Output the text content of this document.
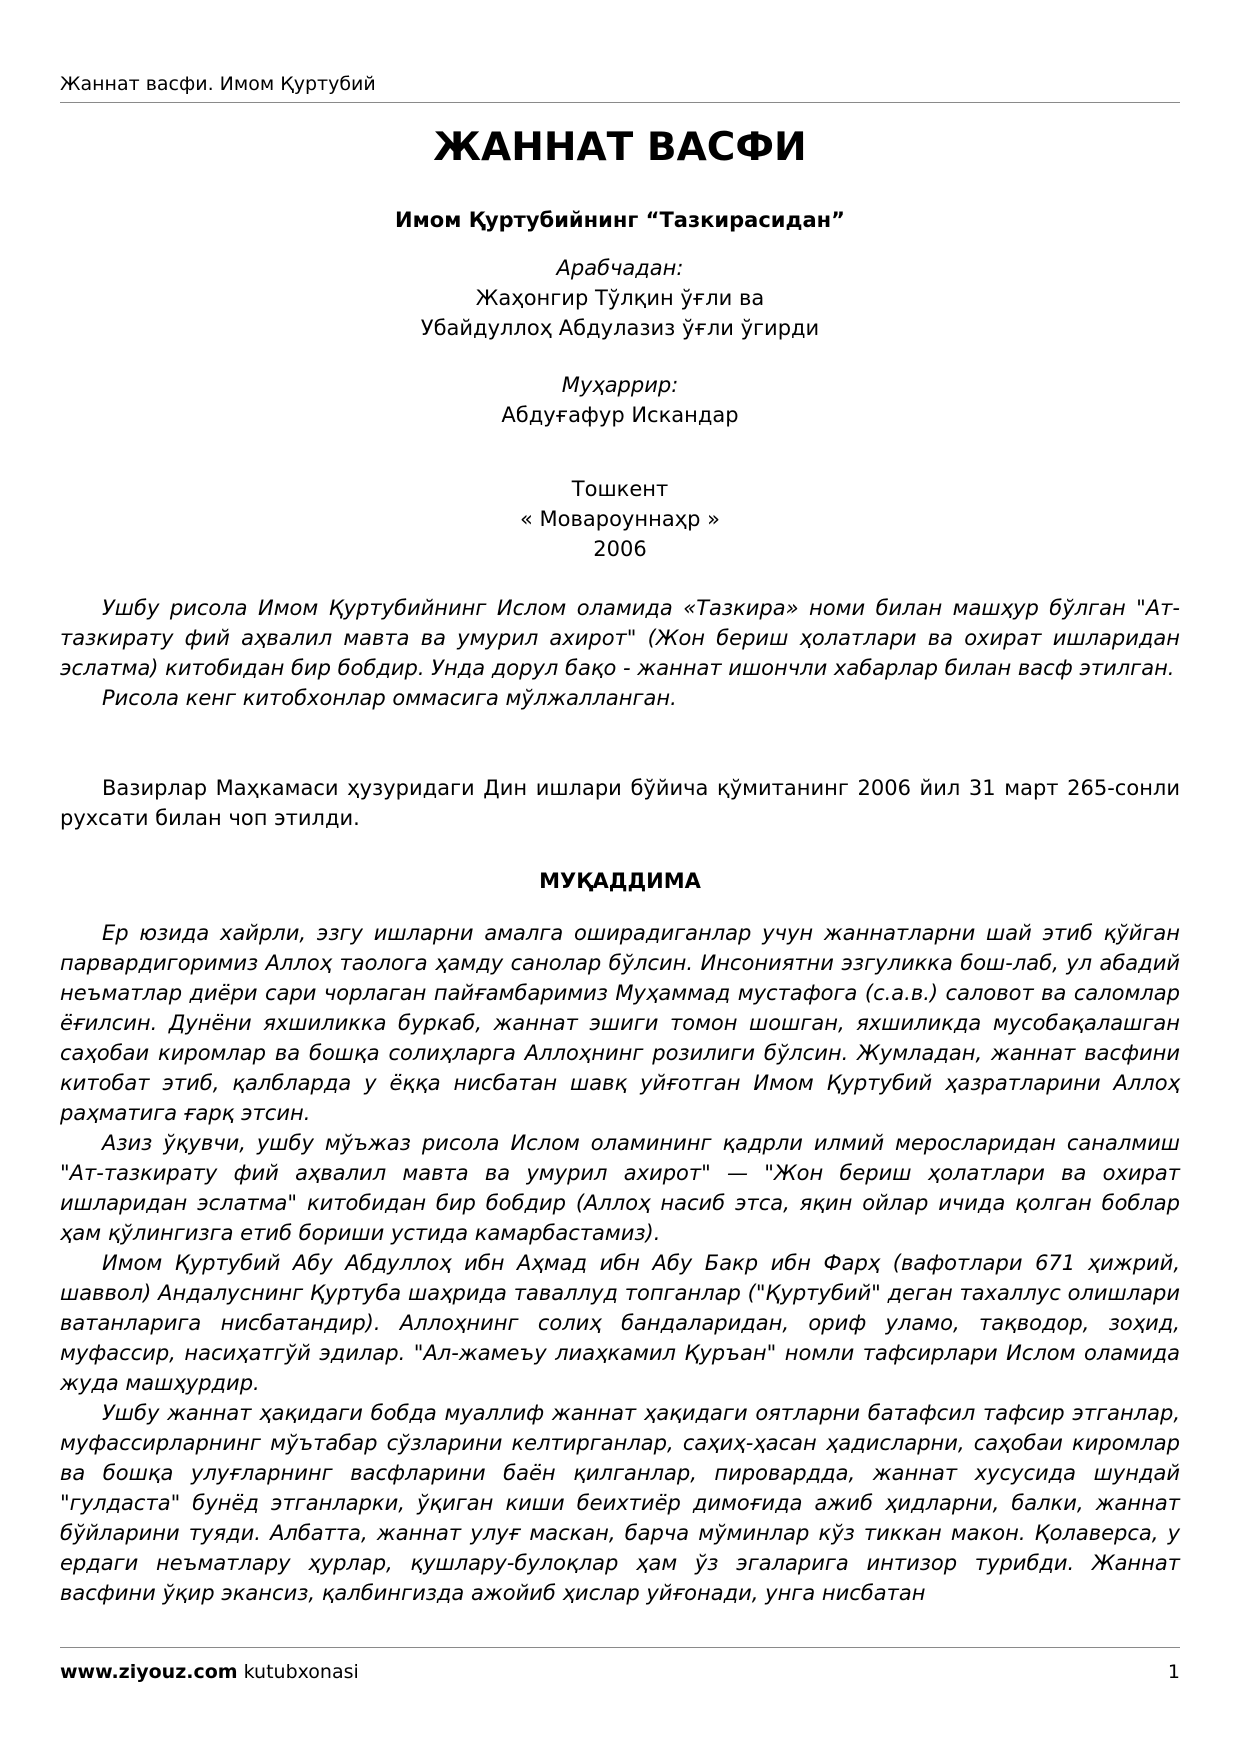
Жаннат васфи. Имом Қуртубий
ЖАННАТ ВАСФИ
Имом Қуртубийнинг “Тазкирасидан”
Арабчадан:
Жаҳонгир Тўлқин ўғли ва
Убайдуллоҳ Абдулазиз ўғли ўгирди
Муҳаррир:
Абдуғафур Искандар
Тошкент
« Мовароуннаҳр »
2006

Ушбу рисола Имом Қуртубийнинг Ислом оламида «Тазкира» номи билан машҳур бўлган "Ат-тазкирату фий аҳвалил мавта ва умурил ахирот" (Жон бериш ҳолатлари ва охират ишларидан эслатма) китобидан бир бобдир. Унда дорул бақо - жаннат ишончли хабарлар билан васф этилган.

Рисола кенг китобхонлар оммасига мўлжалланган.

Вазирлар Маҳкамаси ҳузуридаги Дин ишлари бўйича қўмитанинг 2006 йил 31 март 265-сонли рухсати билан чоп этилди.

МУҚАДДИМА

Ер юзида хайрли, эзгу ишларни амалга оширадиганлар учун жаннатларни шай этиб қўйган парвардигоримиз Аллоҳ таолога ҳамду санолар бўлсин. Инсониятни эзгуликка бош-лаб, ул абадий неъматлар диёри сари чорлаган пайғамбаримиз Муҳаммад мустафога (с.а.в.) саловот ва саломлар ёғилсин. Дунёни яхшиликка буркаб, жаннат эшиги томон шошган, яхшиликда мусобақалашган саҳобаи киромлар ва бошқа солиҳларга Аллоҳнинг розилиги бўлсин. Жумладан, жаннат васфини китобат этиб, қалбларда у ёққа нисбатан шавқ уйғотган Имом Қуртубий ҳазратларини Аллоҳ раҳматига ғарқ этсин.

Азиз ўқувчи, ушбу мўъжаз рисола Ислом оламининг қадрли илмий меросларидан саналмиш "Ат-тазкирату фий аҳвалил мавта ва умурил ахирот" — "Жон бериш ҳолатлари ва охират ишларидан эслатма" китобидан бир бобдир (Аллоҳ насиб этса, яқин ойлар ичида қолган боблар ҳам қўлингизга етиб бориши устида камарбастамиз).

Имом Қуртубий Абу Абдуллоҳ ибн Аҳмад ибн Абу Бакр ибн Фарҳ (вафотлари 671 ҳижрий, шаввол) Андалуснинг Қуртуба шаҳрида таваллуд топганлар ("Қуртубий" деган тахаллус олишлари ватанларига нисбатандир). Аллоҳнинг солиҳ бандаларидан, ориф уламо, тақводор, зоҳид, муфассир, насиҳатгўй эдилар. "Ал-жамеъу лиаҳкамил Қуръан" номли тафсирлари Ислом оламида жуда машҳурдир.

Ушбу жаннат ҳақидаги бобда муаллиф жаннат ҳақидаги оятларни батафсил тафсир этганлар, муфассирларнинг мўътабар сўзларини келтирганлар, саҳиҳ-ҳасан ҳадисларни, саҳобаи киромлар ва бошқа улуғларнинг васфларини баён қилганлар, пировардда, жаннат хусусида шундай "гулдаста" бунёд этганларки, ўқиган киши беихтиёр димоғида ажиб ҳидларни, балки, жаннат бўйларини туяди. Албатта, жаннат улуғ маскан, барча мўминлар кўз тиккан макон. Қолаверса, у ердаги неъматлару ҳурлар, қушлару-булоқлар ҳам ўз эгаларига интизор турибди. Жаннат васфини ўқир экансиз, қалбингизда ажойиб ҳислар уйғонади, унга нисбатан

www.ziyouz.com kutubxonasi	1
